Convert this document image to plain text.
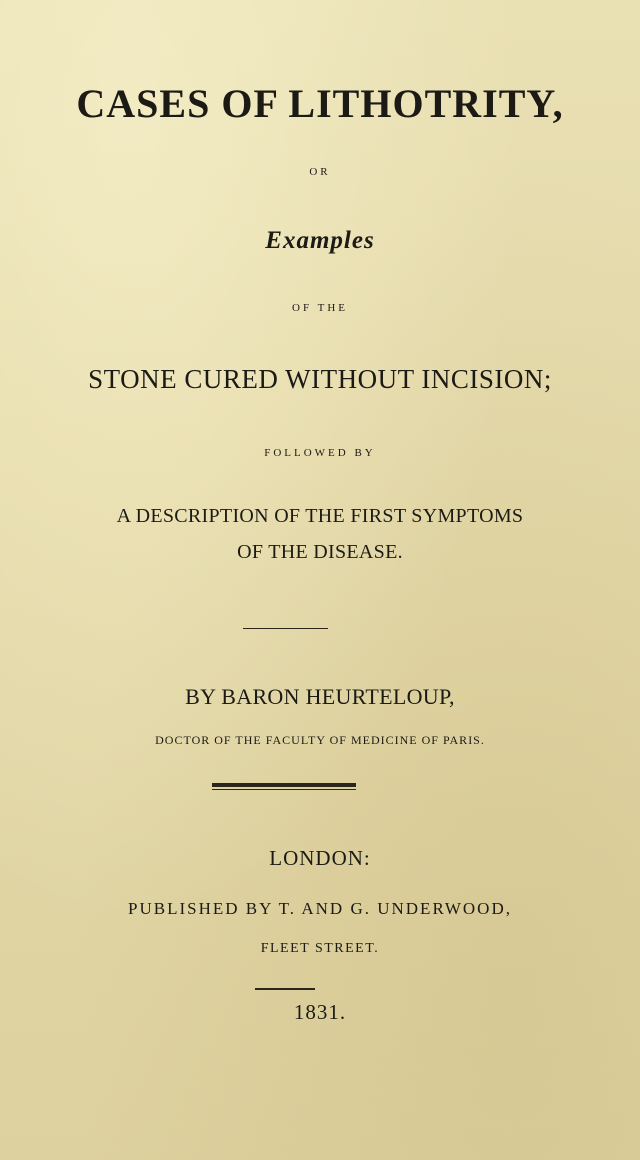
CASES OF LITHOTRITY,
OR
Examples
OF THE
STONE CURED WITHOUT INCISION;
FOLLOWED BY
A DESCRIPTION OF THE FIRST SYMPTOMS
OF THE DISEASE.
BY BARON HEURTELOUP,
DOCTOR OF THE FACULTY OF MEDICINE OF PARIS.
LONDON:
PUBLISHED BY T. AND G. UNDERWOOD,
FLEET STREET.
1831.
